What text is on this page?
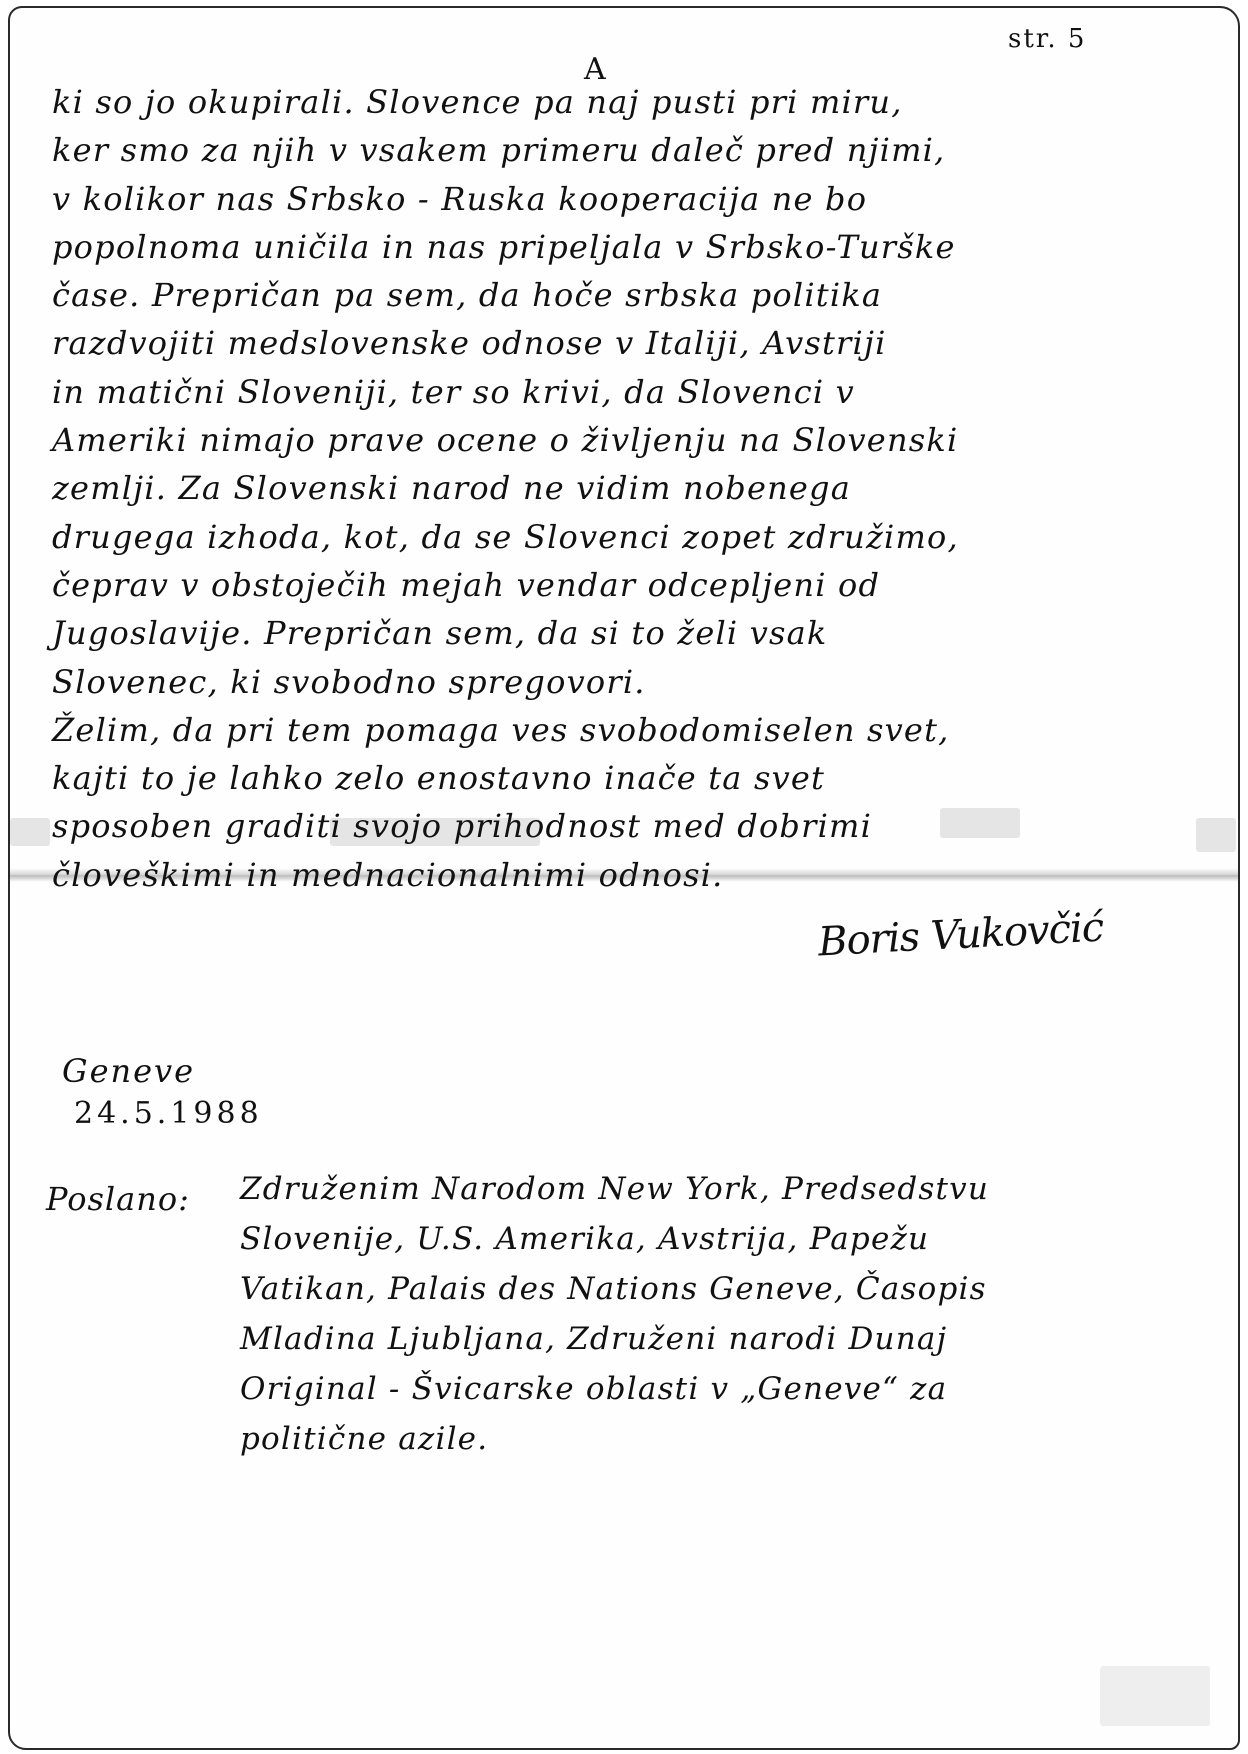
str. 5
A
ki so jo okupirali. Slovence pa naj pusti pri miru,
ker smo za njih v vsakem primeru daleč pred njimi,
v kolikor nas Srbsko - Ruska kooperacija ne bo
popolnoma uničila in nas pripeljala v Srbsko-Turške
čase. Prepričan pa sem, da hoče srbska politika
razdvojiti medslovenske odnose v Italiji, Avstriji
in matični Sloveniji, ter so krivi, da Slovenci v
Ameriki nimajo prave ocene o življenju na Slovenski
zemlji. Za Slovenski narod ne vidim nobenega
drugega izhoda, kot, da se Slovenci zopet združimo,
čeprav v obstoječih mejah vendar odcepljeni od
Jugoslavije. Prepričan sem, da si to želi vsak
Slovenec, ki svobodno spregovori.
Želim, da pri tem pomaga ves svobodomiselen svet,
kajti to je lahko zelo enostavno inače ta svet
sposoben graditi svojo prihodnost med dobrimi
človeškimi in mednacionalnimi odnosi.
Boris Vukovčić
Geneve
24.5.1988
Poslano: Združenim Narodom New York, Predsedstvu
Slovenije, U.S. Amerika, Avstrija, Papežu
Vatikan, Palais des Nations Geneve, Časopis
Mladina Ljubljana, Združeni narodi Dunaj
Original - Švicarske oblasti v „Geneve“ za
politične azile.
